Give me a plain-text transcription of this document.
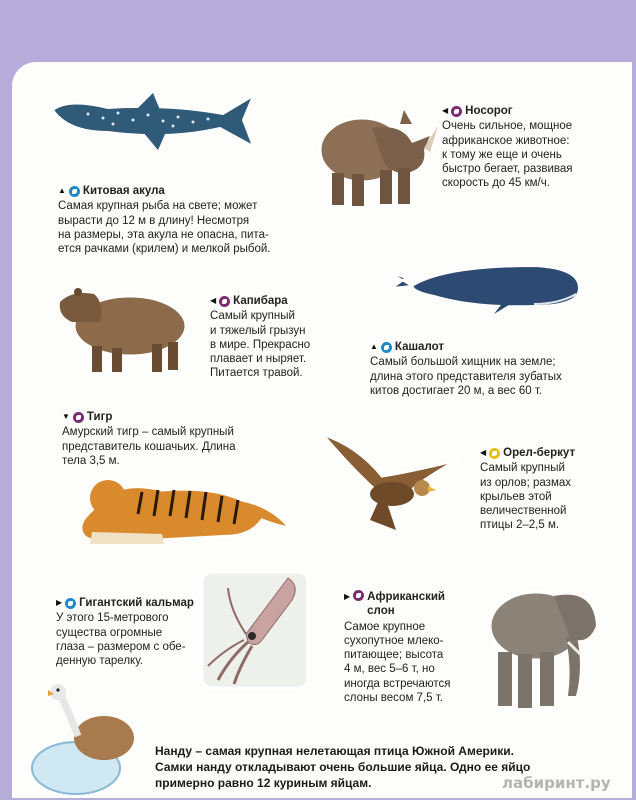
▲ Китовая акула
Самая крупная рыба на свете; может
вырасти до 12 м в длину! Несмотря
на размеры, эта акула не опасна, пита-
ется рачками (крилем) и мелкой рыбой.
◀ Носорог
Очень сильное, мощное
африканское животное:
к тому же еще и очень
быстро бегает, развивая
скорость до 45 км/ч.
◀ Капибара
Самый крупный
и тяжелый грызун
в мире. Прекрасно
плавает и ныряет.
Питается травой.
▲ Кашалот
Самый большой хищник на земле;
длина этого представителя зубатых
китов достигает 20 м, а вес 60 т.
▼ Тигр
Амурский тигр – самый крупный
представитель кошачьих. Длина
тела 3,5 м.
◀ Орел-беркут
Самый крупный
из орлов; размах
крыльев этой
величественной
птицы 2–2,5 м.
▶ Гигантский кальмар
У этого 15-метрового
существа огромные
глаза – размером с обе-
денную тарелку.
▶ Африканский
слон
Самое крупное
сухопутное млеко-
питающее; высота
4 м, вес 5–6 т, но
иногда встречаются
слоны весом 7,5 т.
Нанду – самая крупная нелетающая птица Южной Америки.
Самки нанду откладывают очень большие яйца. Одно ее яйцо
примерно равно 12 куриным яйцам.	лабиринт.ру
